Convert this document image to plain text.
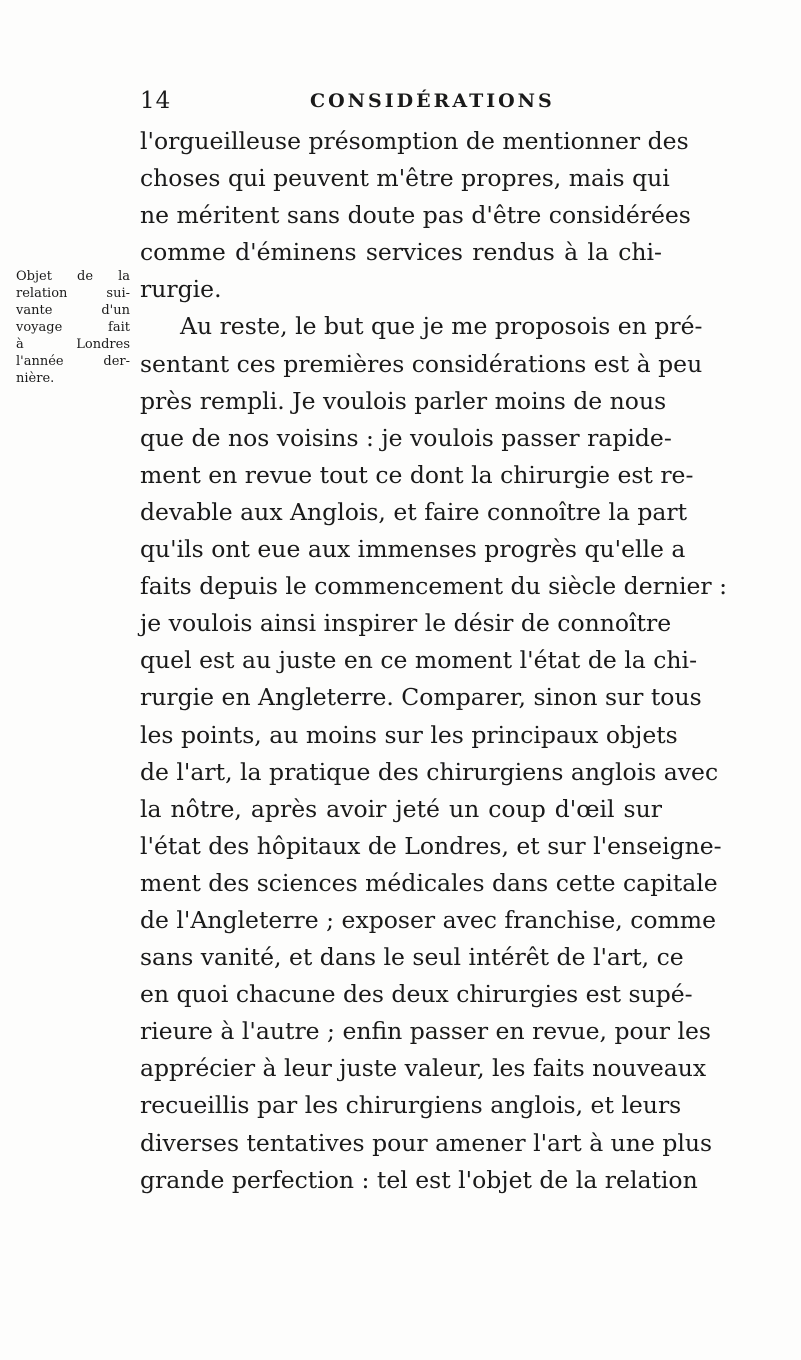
14	CONSIDÉRATIONS
Objet de la
relation sui-
vante d'un
voyage fait
à Londres
l'année der-
nière.
l'orgueilleuse présomption de mentionner des
choses qui peuvent m'être propres, mais qui
ne méritent sans doute pas d'être considérées
comme d'éminens services rendus à la chi-
rurgie.
Au reste, le but que je me proposois en pré-
sentant ces premières considérations est à peu
près rempli. Je voulois parler moins de nous
que de nos voisins : je voulois passer rapide-
ment en revue tout ce dont la chirurgie est re-
devable aux Anglois, et faire connoître la part
qu'ils ont eue aux immenses progrès qu'elle a
faits depuis le commencement du siècle dernier :
je voulois ainsi inspirer le désir de connoître
quel est au juste en ce moment l'état de la chi-
rurgie en Angleterre. Comparer, sinon sur tous
les points, au moins sur les principaux objets
de l'art, la pratique des chirurgiens anglois avec
la nôtre, après avoir jeté un coup d'œil sur
l'état des hôpitaux de Londres, et sur l'enseigne-
ment des sciences médicales dans cette capitale
de l'Angleterre ; exposer avec franchise, comme
sans vanité, et dans le seul intérêt de l'art, ce
en quoi chacune des deux chirurgies est supé-
rieure à l'autre ; enfin passer en revue, pour les
apprécier à leur juste valeur, les faits nouveaux
recueillis par les chirurgiens anglois, et leurs
diverses tentatives pour amener l'art à une plus
grande perfection : tel est l'objet de la relation
